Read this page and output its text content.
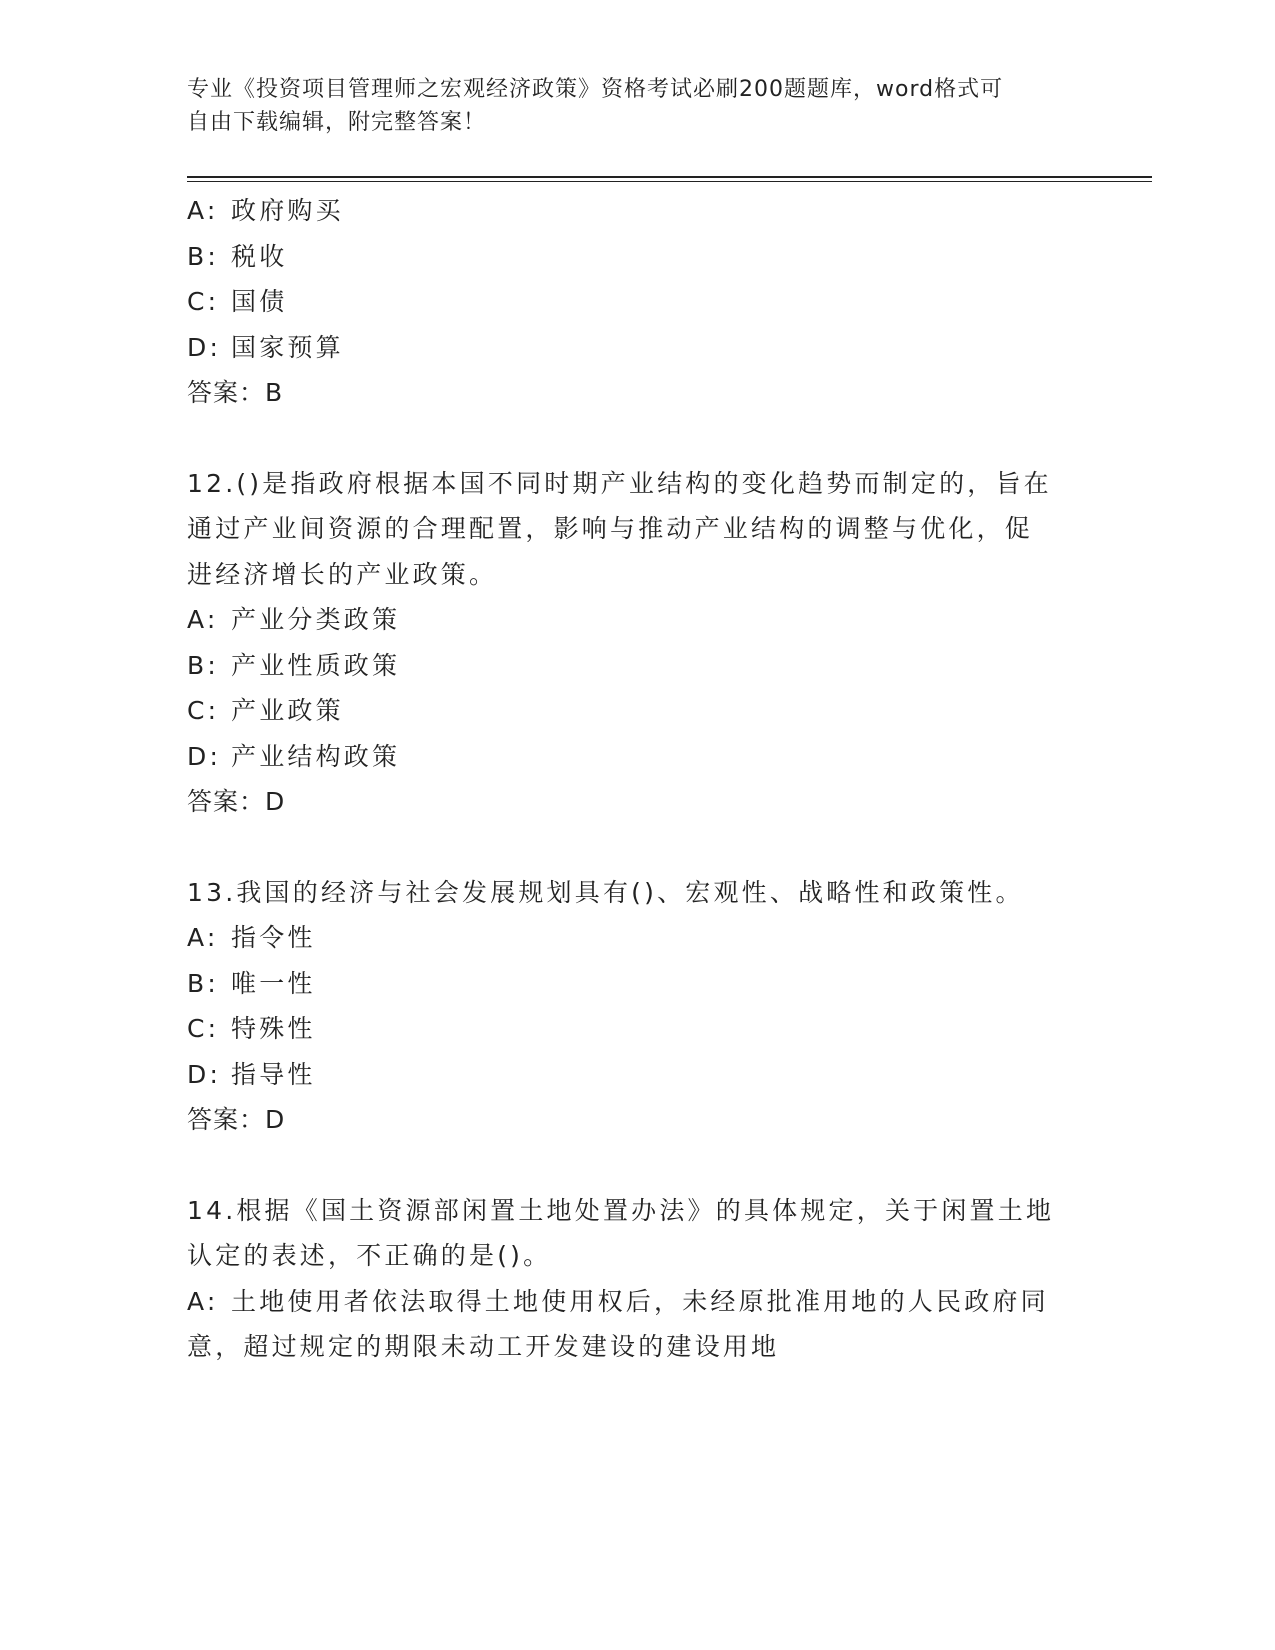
专业《投资项目管理师之宏观经济政策》资格考试必刷200题题库，word格式可
自由下载编辑，附完整答案！
A: 政府购买
B: 税收
C: 国债
D: 国家预算
答案：B
12.()是指政府根据本国不同时期产业结构的变化趋势而制定的，旨在
通过产业间资源的合理配置，影响与推动产业结构的调整与优化，促
进经济增长的产业政策。
A: 产业分类政策
B: 产业性质政策
C: 产业政策
D: 产业结构政策
答案：D
13.我国的经济与社会发展规划具有()、宏观性、战略性和政策性。
A: 指令性
B: 唯一性
C: 特殊性
D: 指导性
答案：D
14.根据《国土资源部闲置土地处置办法》的具体规定，关于闲置土地
认定的表述，不正确的是()。
A: 土地使用者依法取得土地使用权后，未经原批准用地的人民政府同
意，超过规定的期限未动工开发建设的建设用地
